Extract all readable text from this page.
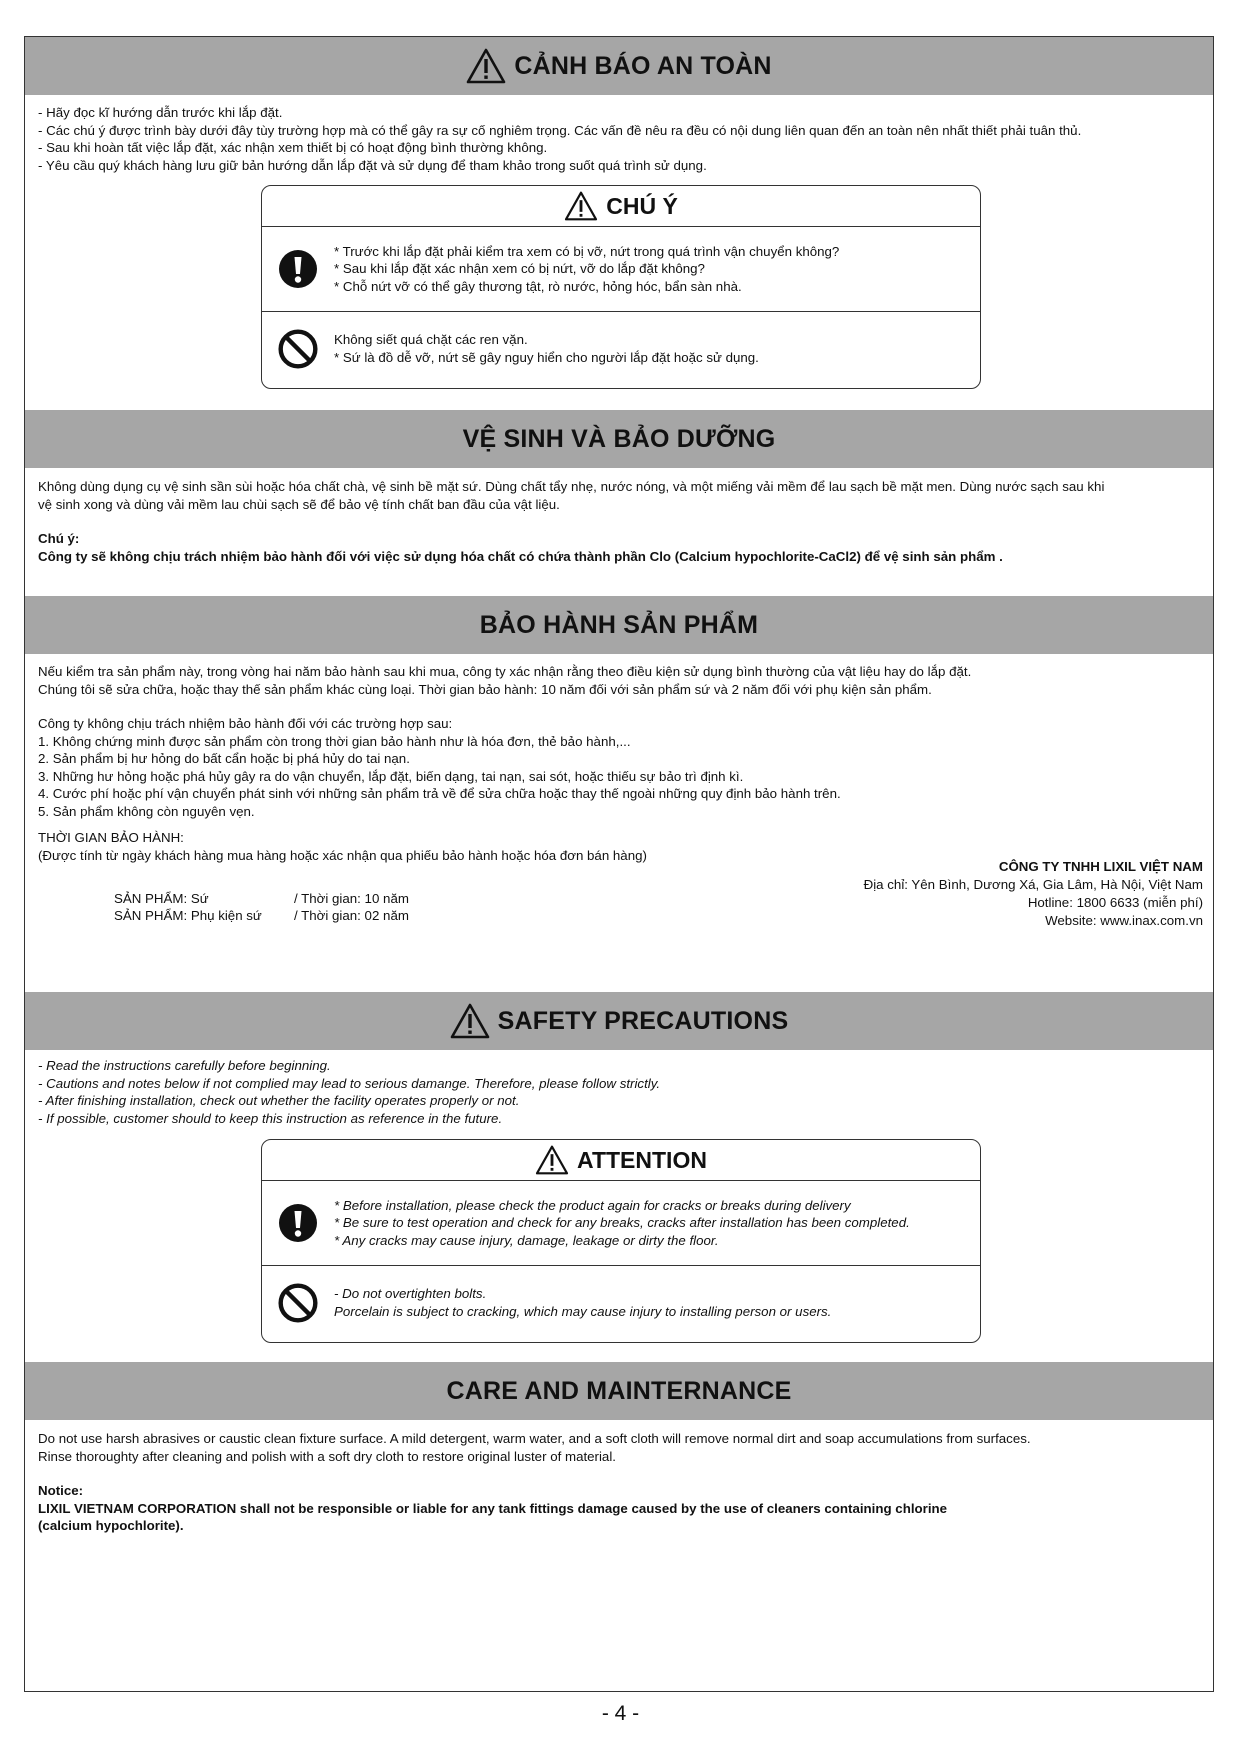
CẢNH BÁO AN TOÀN

- Hãy đọc kĩ hướng dẫn trước khi lắp đặt.

- Các chú ý được trình bày dưới đây tùy trường hợp mà có thể gây ra sự cố nghiêm trọng. Các vấn đề nêu ra đều có nội dung liên quan đến an toàn nên nhất thiết phải tuân thủ.

- Sau khi hoàn tất việc lắp đặt, xác nhận xem thiết bị có hoạt động bình thường không.

- Yêu cầu quý khách hàng lưu giữ bản hướng dẫn lắp đặt và sử dụng để tham khảo trong suốt quá trình sử dụng.

CHÚ Ý

* Trước khi lắp đặt phải kiểm tra xem có bị vỡ, nứt trong quá trình vận chuyển không?

* Sau khi lắp đặt xác nhận xem có bị nứt, vỡ do lắp đặt không?

* Chỗ nứt vỡ có thể gây thương tật, rò nước, hỏng hóc, bẩn sàn nhà.

Không siết quá chặt các ren vặn.

* Sứ là đồ dễ vỡ, nứt sẽ gây nguy hiển cho người lắp đặt hoặc sử dụng.

VỆ SINH VÀ BẢO DƯỠNG

Không dùng dụng cụ vệ sinh sần sùi hoặc hóa chất chà, vệ sinh bề mặt sứ. Dùng chất tẩy nhẹ, nước nóng, và một miếng vải mềm để lau sạch bề mặt men. Dùng nước sạch sau khi

vệ sinh xong và dùng vải mềm lau chùi sạch sẽ để bảo vệ tính chất ban đầu của vật liệu.

Chú ý:

Công ty sẽ không chịu trách nhiệm bảo hành đối với việc sử dụng hóa chất có chứa thành phần Clo (Calcium hypochlorite-CaCl2) để vệ sinh sản phẩm .

BẢO HÀNH SẢN PHẨM

Nếu kiểm tra sản phẩm này, trong vòng hai năm bảo hành sau khi mua, công ty xác nhận rằng theo điều kiện sử dụng bình thường của vật liệu hay do lắp đặt.

Chúng tôi sẽ sửa chữa, hoặc thay thế sản phẩm khác cùng loại. Thời gian bảo hành: 10 năm đối với sản phẩm sứ và 2 năm đối với phụ kiện sản phẩm.

Công ty không chịu trách nhiệm bảo hành đối với các trường hợp sau:

1. Không chứng minh được sản phẩm còn trong thời gian bảo hành như là hóa đơn, thẻ bảo hành,...

2. Sản phẩm bị hư hỏng do bất cẩn hoặc bị phá hủy do tai nạn.

3. Những hư hỏng hoặc phá hủy gây ra do vận chuyển, lắp đặt, biến dạng, tai nạn, sai sót, hoặc thiếu sự bảo trì định kì.

4. Cước phí hoặc phí vận chuyển phát sinh với những sản phẩm trả về để sửa chữa hoặc thay thế ngoài những quy định bảo hành trên.

5. Sản phẩm không còn nguyên vẹn.

THỜI GIAN BẢO HÀNH:

(Được tính từ ngày khách hàng mua hàng hoặc xác nhận qua phiếu bảo hành hoặc hóa đơn bán hàng)

SẢN PHẨM: Sứ	/ Thời gian: 10 năm
SẢN PHẨM: Phụ kiện sứ / Thời gian: 02 năm

CÔNG TY TNHH LIXIL VIỆT NAM

Địa chỉ: Yên Bình, Dương Xá, Gia Lâm, Hà Nội, Việt Nam

Hotline: 1800 6633 (miễn phí)

Website: www.inax.com.vn

SAFETY PRECAUTIONS

- Read the instructions carefully before beginning.

- Cautions and notes below if not complied may lead to serious damange. Therefore, please follow strictly.

- After finishing installation, check out whether the facility operates properly or not.

- If possible, customer should to keep this instruction as reference in the future.

ATTENTION

* Before installation, please check the product again for cracks or breaks during delivery

* Be sure to test operation and check for any breaks, cracks after installation has been completed.

* Any cracks may cause injury, damage, leakage or dirty the floor.

- Do not overtighten bolts.

Porcelain is subject to cracking, which may cause injury to installing person or users.

CARE AND MAINTERNANCE

Do not use harsh abrasives or caustic clean fixture surface. A mild detergent, warm water, and a soft cloth will remove normal dirt and soap accumulations from surfaces.

Rinse thoroughty after cleaning and polish with a soft dry cloth to restore original luster of material.

Notice:

LIXIL VIETNAM CORPORATION shall not be responsible or liable for any tank fittings damage caused by the use of cleaners containing chlorine

(calcium hypochlorite).

- 4 -
